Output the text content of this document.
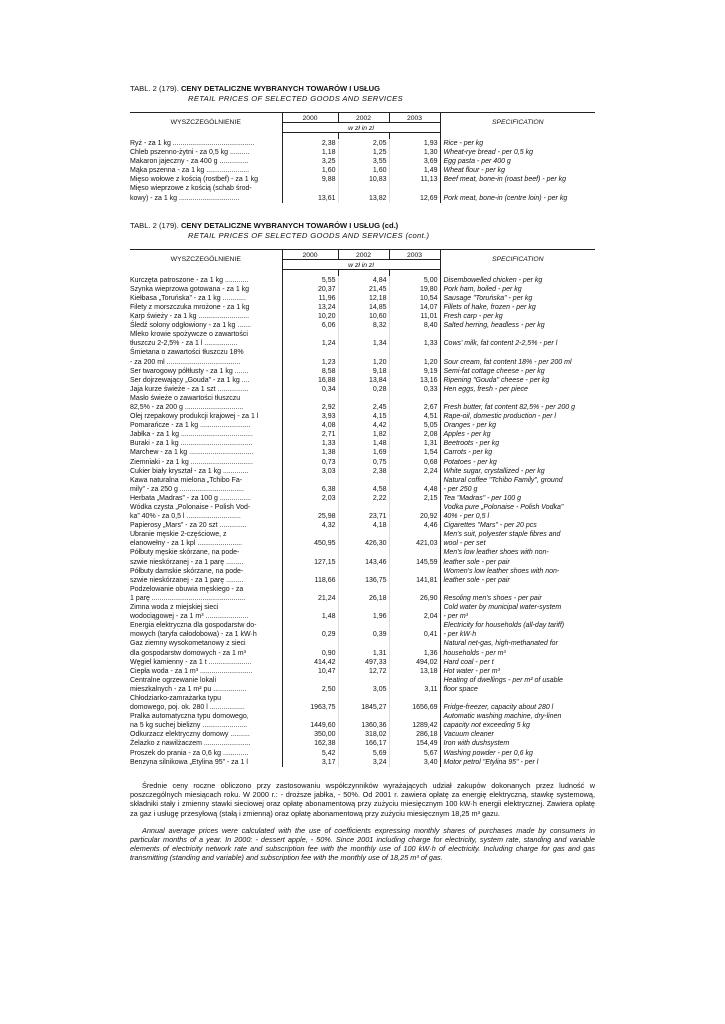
TABL. 2 (179). CENY DETALICZNE WYBRANYCH TOWARÓW I USŁUG
RETAIL PRICES OF SELECTED GOODS AND SERVICES
WYSZCZEGÓLNIENIE	2000	2002	2003	SPECIFICATION
	w zł in zl			

Ryż - za 1 kg ..........................................	2,38	2,05	1,93	Rice - per kg
Chleb pszenno-żytni - za 0,5 kg ..........	1,18	1,25	1,30	Wheat-rye bread - per 0,5 kg
Makaron jajeczny - za 400 g ...............	3,25	3,55	3,69	Egg pasta - per 400 g
Mąka pszenna - za 1 kg ......................	1,60	1,60	1,49	Wheat flour - per kg
Mięso wołowe z kością (rostbef) - za 1 kg	9,88	10,83	11,13	Beef meat, bone-in (roast beef) - per kg
Mięso wieprzowe z kością (schab środ-
kowy) - za 1 kg ...............................	13,61	13,82	12,69	Pork meat, bone-in (centre loin) - per kg
TABL. 2 (179). CENY DETALICZNE WYBRANYCH TOWARÓW I USŁUG (cd.)
RETAIL PRICES OF SELECTED GOODS AND SERVICES (cont.)
WYSZCZEGÓLNIENIE	2000	2002	2003	SPECIFICATION
	w zł in zl			

Kurczęta patroszone - za 1 kg ............	5,55	4,84	5,00	Disembowelled chicken - per kg
Szynka wieprzowa gotowana - za 1 kg	20,37	21,45	19,80	Pork ham, boiled - per kg
Kiełbasa „Toruńska” - za 1 kg ............	11,96	12,18	10,54	Sausage "Toruńska" - per kg
Filety z morszczuka mrożone - za 1 kg	13,24	14,85	14,07	Fillets of hake, frozen - per kg
Karp świeży - za 1 kg ..........................	10,20	10,60	11,01	Fresh carp - per kg
Śledź solony odgłowiony - za 1 kg .......	6,06	8,32	8,40	Salted herring, headless - per kg
Mleko krowie spożywcze o zawartości
tłuszczu 2-2,5% - za 1 l .................	1,24	1,34	1,33	Cows' milk, fat content 2-2,5% - per l
Śmietana o zawartości tłuszczu 18%
- za 200 ml ......................................	1,23	1,20	1,20	Sour cream, fat content 18% - per 200 ml
Ser twarogowy półtłusty - za 1 kg .......	8,58	9,18	9,19	Semi-fat cottage cheese - per kg
Ser dojrzewający „Gouda” - za 1 kg ....	16,88	13,84	13,16	Ripening "Gouda" cheese - per kg
Jaja kurze świeże - za 1 szt ................	0,34	0,28	0,33	Hen eggs, fresh - per piece
Masło świeże o zawartości tłuszczu
82,5% - za 200 g ..............................	2,92	2,45	2,67	Fresh butter, fat content 82,5% - per 200 g
Olej rzepakowy produkcji krajowej - za 1 l	3,93	4,15	4,51	Rape-oil, domestic production - per l
Pomarańcze - za 1 kg ..........................	4,08	4,42	5,05	Oranges - per kg
Jabłka - za 1 kg .....................................	2,71	1,82	2,08	Apples - per kg
Buraki - za 1 kg .....................................	1,33	1,48	1,31	Beetroots - per kg
Marchew - za 1 kg .................................	1,38	1,69	1,54	Carrots - per kg
Ziemniaki - za 1 kg ................................	0,73	0,75	0,68	Potatoes - per kg
Cukier biały kryształ - za 1 kg .............	3,03	2,38	2,24	White sugar, crystallized - per kg
Kawa naturalna mielona „Tchibo Fa-
mily” - za 250 g .................................	6,38	4,58	4,48	Natural coffee "Tchibo Family", ground
- per 250 g
Herbata „Madras” - za 100 g ................	2,03	2,22	2,15	Tea "Madras" - per 100 g
Wódka czysta „Polonaise - Polish Vod-
ka” 40% - za 0,5 l ............................	25,98	23,71	20,92	Vodka pure „Polonaise - Polish Vodka"
40% - per 0,5 l
Papierosy „Mars” - za 20 szt ..............	4,32	4,18	4,46	Cigarettes "Mars" - per 20 pcs
Ubranie męskie 2-częściowe, z
elanowełny - za 1 kpl .......................	450,95	426,30	421,03	Men's suit, polyester staple fibres and
wool - per set
Półbuty męskie skórzane, na pode-
szwie nieskórzanej - za 1 parę .........	127,15	143,46	145,59	Men's low leather shoes with non-
leather sole - per pair
Półbuty damskie skórzane, na pode-
szwie nieskórzanej - za 1 parę .........	118,66	136,75	141,81	Women's low leather shoes with non-
leather sole - per pair
Podzelowanie obuwia męskiego - za
1 parę ................................................	21,24	26,18	26,90	Resoling men's shoes - per pair
Zimna woda z miejskiej sieci
wodociągowej - za 1 m³ ......................	1,48	1,96	2,04	Cold water by municipal water-system
- per m³
Energia elektryczna dla gospodarstw do-
mowych (taryfa całodobowa) - za 1 kW·h	0,29	0,39	0,41	Electricity for households (all-day tariff)
- per kW·h
Gaz ziemny wysokometanowy z sieci
dla gospodarstw domowych - za 1 m³	0,90	1,31	1,36	Natural net-gas, high-methanated for
households - per m³
Węgiel kamienny - za 1 t ......................	414,42	497,33	494,02	Hard coal - per t
Ciepła woda - za 1 m³ ...........................	10,47	12,72	13,18	Hot water - per m³
Centralne ogrzewanie lokali
mieszkalnych - za 1 m² pu .................	2,50	3,05	3,11	Heating of dwellings - per m² of usable
floor space
Chłodziarko-zamrażarka typu
domowego, poj. ok. 280 l ..................	1963,75	1845,27	1656,69	Fridge-freezer, capacity about 280 l
Pralka automatyczna typu domowego,
na 5 kg suchej bielizny .......................	1449,60	1360,36	1289,42	Automatic washing machine, dry-linen
capacity not exceeding 5 kg
Odkurzacz elektryczny domowy ..........	350,00	318,02	286,18	Vacuum cleaner
Żelazko z nawilżaczem ........................	162,38	166,17	154,49	Iron with dushsystem
Proszek do prania - za 0,6 kg .............	5,42	5,69	5,67	Washing powder - per 0,6 kg
Benzyna silnikowa „Etylina 95” - za 1 l	3,17	3,24	3,40	Motor petrol "Etylina 95" - per l

Średnie ceny roczne obliczono przy zastosowaniu współczynników wyrażających udział zakupów dokonanych przez ludność w poszczególnych miesiącach roku. W 2000 r.: - droższe jabłka, - 50%. Od 2001 r. zawiera opłatę za energię elektryczną, stawkę systemową, składniki stały i zmienny stawki sieciowej oraz opłatę abonamentową przy zużyciu miesięcznym 100 kW·h energii elektrycznej. Zawiera opłatę za gaz i usługę przesyłową (stałą i zmienną) oraz opłatę abonamentową przy zużyciu miesięcznym 18,25 m³ gazu.

Annual average prices were calculated with the use of coefficients expressing monthly shares of purchases made by consumers in particular months of a year. In 2000: - dessert apple, - 50%. Since 2001 including charge for electricity, system rate, standing and variable elements of electricity network rate and subscription fee with the monthly use of 100 kW·h of electricity. Including charge for gas and gas transmitting (standing and variable) and subscription fee with the monthly use of 18,25 m³ of gas.
